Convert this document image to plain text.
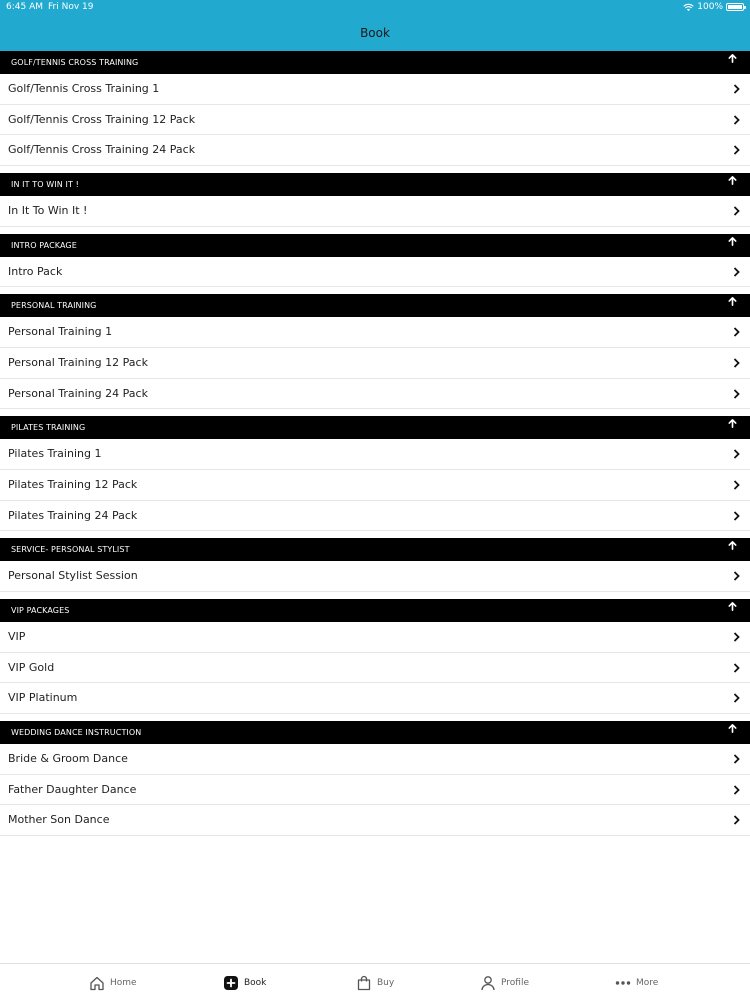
6:45 AM Fri Nov 19	100%
Book
GOLF/TENNIS CROSS TRAINING
Golf/Tennis Cross Training 1
Golf/Tennis Cross Training 12 Pack
Golf/Tennis Cross Training 24 Pack
IN IT TO WIN IT !
In It To Win It !
INTRO PACKAGE
Intro Pack
PERSONAL TRAINING
Personal Training 1
Personal Training 12 Pack
Personal Training 24 Pack
PILATES TRAINING
Pilates Training 1
Pilates Training 12 Pack
Pilates Training 24 Pack
SERVICE- PERSONAL STYLIST
Personal Stylist Session
VIP PACKAGES
VIP
VIP Gold
VIP Platinum
WEDDING DANCE INSTRUCTION
Bride & Groom Dance
Father Daughter Dance
Mother Son Dance
Home	Book	Buy	Profile	More
